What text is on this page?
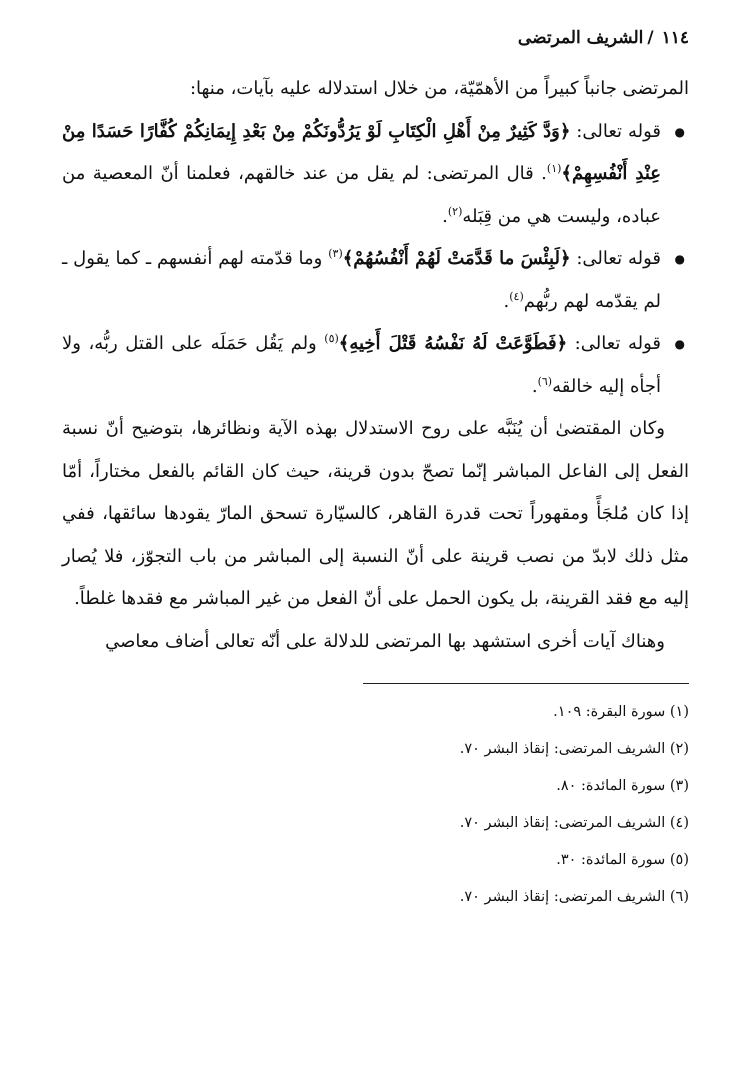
١١٤
/
الشريف المرتضى

المرتضى جانباً كبيراً من الأهمّيّة، من خلال استدلاله عليه بآيات، منها:

● قوله تعالى: ﴿وَدَّ كَثِيرٌ مِنْ أَهْلِ الْكِتَابِ لَوْ يَرُدُّونَكُمْ مِنْ بَعْدِ إِيمَانِكُمْ كُفَّارًا حَسَدًا مِنْ عِنْدِ أَنْفُسِهِمْ﴾$^{(١)}$. قال المرتضى: لم يقل من عند خالقهم، فعلمنا أنّ المعصية من عباده، وليست هي من قِبَله$^{(٢)}$.

● قوله تعالى: ﴿لَبِئْسَ ما قَدَّمَتْ لَهُمْ أَنْفُسُهُمْ﴾$^{(٣)}$ وما قدّمته لهم أنفسهم ـ كما يقول ـ لم يقدّمه لهم ربُّهم$^{(٤)}$.

● قوله تعالى: ﴿فَطَوَّعَتْ لَهُ نَفْسُهُ قَتْلَ أَخِيهِ﴾$^{(٥)}$ ولم يَقُل حَمَلَه على القتل ربُّه، ولا أجأه إليه خالقه$^{(٦)}$.

وكان المقتضىٰ أن يُنَبَّه على روح الاستدلال بهذه الآية ونظائرها، بتوضيح أنّ نسبة الفعل إلى الفاعل المباشر إنّما تصحّ بدون قرينة، حيث كان القائم بالفعل مختاراً، أمّا إذا كان مُلجَأً ومقهوراً تحت قدرة القاهر، كالسيّارة تسحق المارّ يقودها سائقها، ففي مثل ذلك لابدّ من نصب قرينة على أنّ النسبة إلى المباشر من باب التجوّز، فلا يُصار إليه مع فقد القرينة، بل يكون الحمل على أنّ الفعل من غير المباشر مع فقدها غلطاً.

وهناك آيات أخرى استشهد بها المرتضى للدلالة على أنّه تعالى أضاف معاصي

(١) سورة البقرة: ١٠٩.
(٢) الشريف المرتضى: إنقاذ البشر ٧٠.
(٣) سورة المائدة: ٨٠.
(٤) الشريف المرتضى: إنقاذ البشر ٧٠.
(٥) سورة المائدة: ٣٠.
(٦) الشريف المرتضى: إنقاذ البشر ٧٠.
